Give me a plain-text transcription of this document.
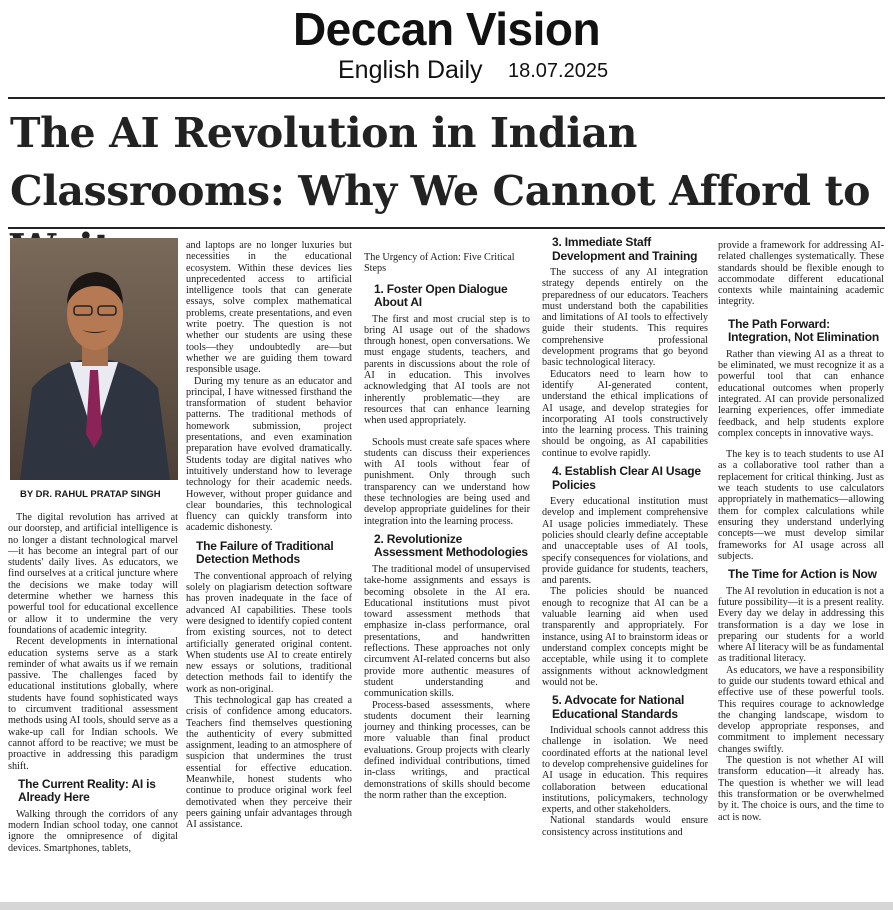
Deccan Vision
English Daily 18.07.2025
The AI Revolution in Indian Classrooms: Why We Cannot Afford to
BY DR. RAHUL PRATAP SINGH

The digital revolution has arrived at our doorstep, and artificial intelligence is no longer a distant technological marvel—it has become an integral part of our students' daily lives. As educators, we find ourselves at a critical juncture where the decisions we make today will determine whether we harness this powerful tool for educational excellence or allow it to undermine the very foundations of academic integrity.

Recent developments in international education systems serve as a stark reminder of what awaits us if we remain passive. The challenges faced by educational institutions globally, where students have found sophisticated ways to circumvent traditional assessment methods using AI tools, should serve as a wake-up call for Indian schools. We cannot afford to be reactive; we must be proactive in addressing this paradigm shift.

The Current Reality: AI is Already Here

Walking through the corridors of any modern Indian school today, one cannot ignore the omnipresence of digital devices. Smartphones, tablets,

and laptops are no longer luxuries but necessities in the educational ecosystem. Within these devices lies unprecedented access to artificial intelligence tools that can generate essays, solve complex mathematical problems, create presentations, and even write poetry. The question is not whether our students are using these tools—they undoubtedly are—but whether we are guiding them toward responsible usage.

During my tenure as an educator and principal, I have witnessed firsthand the transformation of student behavior patterns. The traditional methods of homework submission, project presentations, and even examination preparation have evolved dramatically. Students today are digital natives who intuitively understand how to leverage technology for their academic needs. However, without proper guidance and clear boundaries, this technological fluency can quickly transform into academic dishonesty.

The Failure of Traditional Detection Methods

The conventional approach of relying solely on plagiarism detection software has proven inadequate in the face of advanced AI capabilities. These tools were designed to identify copied content from existing sources, not to detect artificially generated original content. When students use AI to create entirely new essays or solutions, traditional detection methods fail to identify the work as non-original.

This technological gap has created a crisis of confidence among educators. Teachers find themselves questioning the authenticity of every submitted assignment, leading to an atmosphere of suspicion that undermines the trust essential for effective education. Meanwhile, honest students who continue to produce original work feel demotivated when they perceive their peers gaining unfair advantages through AI assistance.

The Urgency of Action: Five Critical Steps

1. Foster Open Dialogue About AI

The first and most crucial step is to bring AI usage out of the shadows through honest, open conversations. We must engage students, teachers, and parents in discussions about the role of AI in education. This involves acknowledging that AI tools are not inherently problematic—they are resources that can enhance learning when used appropriately.

Schools must create safe spaces where students can discuss their experiences with AI tools without fear of punishment. Only through such transparency can we understand how these technologies are being used and develop appropriate guidelines for their integration into the learning process.

2. Revolutionize Assessment Methodologies

The traditional model of unsupervised take-home assignments and essays is becoming obsolete in the AI era. Educational institutions must pivot toward assessment methods that emphasize in-class performance, oral presentations, and handwritten reflections. These approaches not only circumvent AI-related concerns but also provide more authentic measures of student understanding and communication skills.

Process-based assessments, where students document their learning journey and thinking processes, can be more valuable than final product evaluations. Group projects with clearly defined individual contributions, timed in-class writings, and practical demonstrations of skills should become the norm rather than the exception.

3. Immediate Staff Development and Training

The success of any AI integration strategy depends entirely on the preparedness of our educators. Teachers must understand both the capabilities and limitations of AI tools to effectively guide their students. This requires comprehensive professional development programs that go beyond basic technological literacy.

Educators need to learn how to identify AI-generated content, understand the ethical implications of AI usage, and develop strategies for incorporating AI tools constructively into the learning process. This training should be ongoing, as AI capabilities continue to evolve rapidly.

4. Establish Clear AI Usage Policies

Every educational institution must develop and implement comprehensive AI usage policies immediately. These policies should clearly define acceptable and unacceptable uses of AI tools, specify consequences for violations, and provide guidance for students, teachers, and parents.

The policies should be nuanced enough to recognize that AI can be a valuable learning aid when used transparently and appropriately. For instance, using AI to brainstorm ideas or understand complex concepts might be acceptable, while using it to complete assignments without acknowledgment would not be.

5. Advocate for National Educational Standards

Individual schools cannot address this challenge in isolation. We need coordinated efforts at the national level to develop comprehensive guidelines for AI usage in education. This requires collaboration between educational institutions, policymakers, technology experts, and other stakeholders.

National standards would ensure consistency across institutions and

provide a framework for addressing AI-related challenges systematically. These standards should be flexible enough to accommodate different educational contexts while maintaining academic integrity.

The Path Forward: Integration, Not Elimination

Rather than viewing AI as a threat to be eliminated, we must recognize it as a powerful tool that can enhance educational outcomes when properly integrated. AI can provide personalized learning experiences, offer immediate feedback, and help students explore complex concepts in innovative ways.

The key is to teach students to use AI as a collaborative tool rather than a replacement for critical thinking. Just as we teach students to use calculators appropriately in mathematics—allowing them for complex calculations while ensuring they understand underlying concepts—we must develop similar frameworks for AI usage across all subjects.

The Time for Action is Now

The AI revolution in education is not a future possibility—it is a present reality. Every day we delay in addressing this transformation is a day we lose in preparing our students for a world where AI literacy will be as fundamental as traditional literacy.

As educators, we have a responsibility to guide our students toward ethical and effective use of these powerful tools. This requires courage to acknowledge the changing landscape, wisdom to develop appropriate responses, and commitment to implement necessary changes swiftly.

The question is not whether AI will transform education—it already has. The question is whether we will lead this transformation or be overwhelmed by it. The choice is ours, and the time to act is now.
